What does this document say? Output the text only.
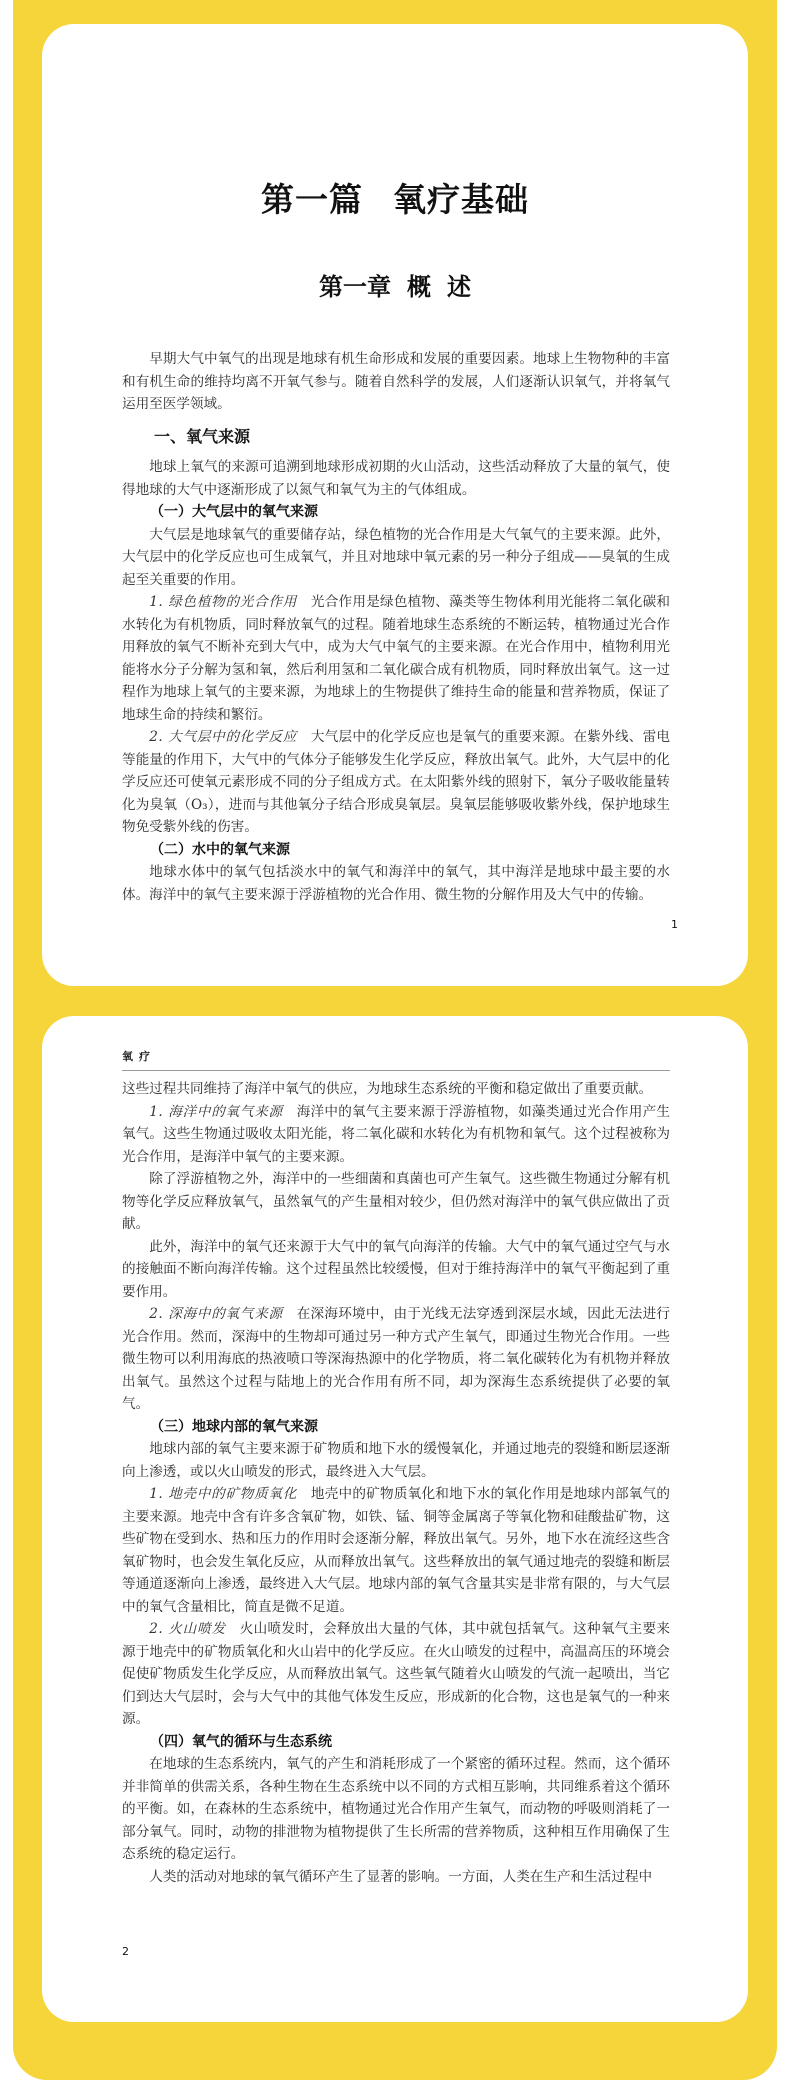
第一篇 氧疗基础
第一章 概 述

早期大气中氧气的出现是地球有机生命形成和发展的重要因素。地球上生物物种的丰富和有机生命的维持均离不开氧气参与。随着自然科学的发展，人们逐渐认识氧气，并将氧气运用至医学领域。

一、氧气来源

地球上氧气的来源可追溯到地球形成初期的火山活动，这些活动释放了大量的氧气，使得地球的大气中逐渐形成了以氮气和氧气为主的气体组成。

（一）大气层中的氧气来源

大气层是地球氧气的重要储存站，绿色植物的光合作用是大气氧气的主要来源。此外，大气层中的化学反应也可生成氧气，并且对地球中氧元素的另一种分子组成——臭氧的生成起至关重要的作用。

1. 绿色植物的光合作用 光合作用是绿色植物、藻类等生物体利用光能将二氧化碳和水转化为有机物质，同时释放氧气的过程。随着地球生态系统的不断运转，植物通过光合作用释放的氧气不断补充到大气中，成为大气中氧气的主要来源。在光合作用中，植物利用光能将水分子分解为氢和氧，然后利用氢和二氧化碳合成有机物质，同时释放出氧气。这一过程作为地球上氧气的主要来源，为地球上的生物提供了维持生命的能量和营养物质，保证了地球生命的持续和繁衍。

2. 大气层中的化学反应 大气层中的化学反应也是氧气的重要来源。在紫外线、雷电等能量的作用下，大气中的气体分子能够发生化学反应，释放出氧气。此外，大气层中的化学反应还可使氧元素形成不同的分子组成方式。在太阳紫外线的照射下，氧分子吸收能量转化为臭氧（O₃），进而与其他氧分子结合形成臭氧层。臭氧层能够吸收紫外线，保护地球生物免受紫外线的伤害。

（二）水中的氧气来源

地球水体中的氧气包括淡水中的氧气和海洋中的氧气，其中海洋是地球中最主要的水体。海洋中的氧气主要来源于浮游植物的光合作用、微生物的分解作用及大气中的传输。

1
氧疗

这些过程共同维持了海洋中氧气的供应，为地球生态系统的平衡和稳定做出了重要贡献。

1. 海洋中的氧气来源 海洋中的氧气主要来源于浮游植物，如藻类通过光合作用产生氧气。这些生物通过吸收太阳光能，将二氧化碳和水转化为有机物和氧气。这个过程被称为光合作用，是海洋中氧气的主要来源。

除了浮游植物之外，海洋中的一些细菌和真菌也可产生氧气。这些微生物通过分解有机物等化学反应释放氧气，虽然氧气的产生量相对较少，但仍然对海洋中的氧气供应做出了贡献。

此外，海洋中的氧气还来源于大气中的氧气向海洋的传输。大气中的氧气通过空气与水的接触面不断向海洋传输。这个过程虽然比较缓慢，但对于维持海洋中的氧气平衡起到了重要作用。

2. 深海中的氧气来源 在深海环境中，由于光线无法穿透到深层水域，因此无法进行光合作用。然而，深海中的生物却可通过另一种方式产生氧气，即通过生物光合作用。一些微生物可以利用海底的热液喷口等深海热源中的化学物质，将二氧化碳转化为有机物并释放出氧气。虽然这个过程与陆地上的光合作用有所不同，却为深海生态系统提供了必要的氧气。

（三）地球内部的氧气来源

地球内部的氧气主要来源于矿物质和地下水的缓慢氧化，并通过地壳的裂缝和断层逐渐向上渗透，或以火山喷发的形式，最终进入大气层。

1. 地壳中的矿物质氧化 地壳中的矿物质氧化和地下水的氧化作用是地球内部氧气的主要来源。地壳中含有许多含氧矿物，如铁、锰、铜等金属离子等氧化物和硅酸盐矿物，这些矿物在受到水、热和压力的作用时会逐渐分解，释放出氧气。另外，地下水在流经这些含氧矿物时，也会发生氧化反应，从而释放出氧气。这些释放出的氧气通过地壳的裂缝和断层等通道逐渐向上渗透，最终进入大气层。地球内部的氧气含量其实是非常有限的，与大气层中的氧气含量相比，简直是微不足道。

2. 火山喷发 火山喷发时，会释放出大量的气体，其中就包括氧气。这种氧气主要来源于地壳中的矿物质氧化和火山岩中的化学反应。在火山喷发的过程中，高温高压的环境会促使矿物质发生化学反应，从而释放出氧气。这些氧气随着火山喷发的气流一起喷出，当它们到达大气层时，会与大气中的其他气体发生反应，形成新的化合物，这也是氧气的一种来源。

（四）氧气的循环与生态系统

在地球的生态系统内，氧气的产生和消耗形成了一个紧密的循环过程。然而，这个循环并非简单的供需关系，各种生物在生态系统中以不同的方式相互影响，共同维系着这个循环的平衡。如，在森林的生态系统中，植物通过光合作用产生氧气，而动物的呼吸则消耗了一部分氧气。同时，动物的排泄物为植物提供了生长所需的营养物质，这种相互作用确保了生态系统的稳定运行。

人类的活动对地球的氧气循环产生了显著的影响。一方面，人类在生产和生活过程中

2
